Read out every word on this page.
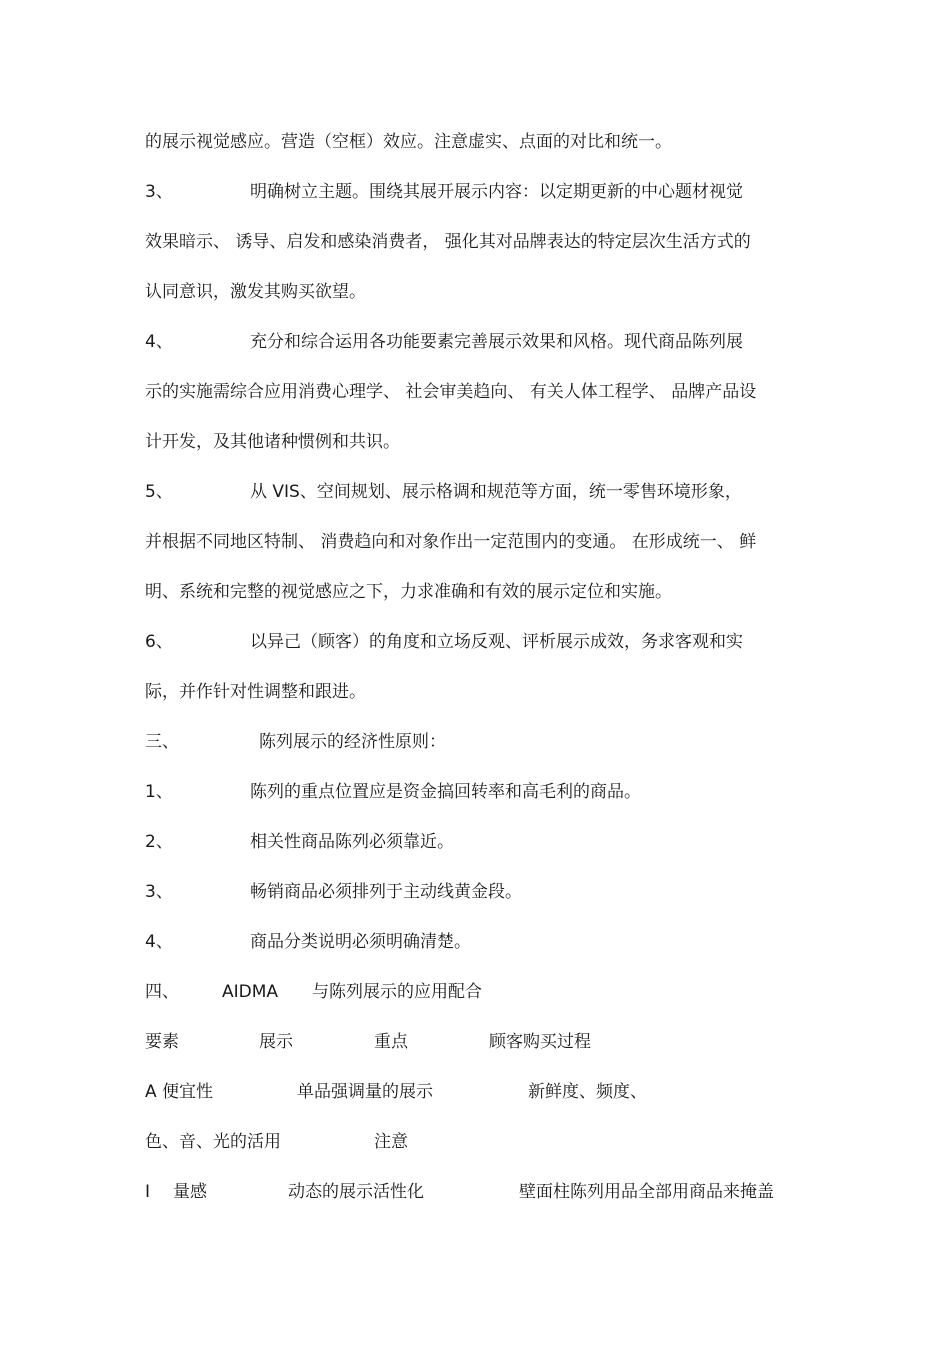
的展示视觉感应。营造（空框）效应。注意虚实、点面的对比和统一。
3、	明确树立主题。围绕其展开展示内容：以定期更新的中心题材视觉
效果暗示、 诱导、启发和感染消费者， 强化其对品牌表达的特定层次生活方式的
认同意识，激发其购买欲望。
4、	充分和综合运用各功能要素完善展示效果和风格。现代商品陈列展
示的实施需综合应用消费心理学、 社会审美趋向、 有关人体工程学、 品牌产品设
计开发，及其他诸种惯例和共识。
5、	从 VIS、空间规划、展示格调和规范等方面，统一零售环境形象，
并根据不同地区特制、 消费趋向和对象作出一定范围内的变通。 在形成统一、 鲜
明、系统和完整的视觉感应之下，力求准确和有效的展示定位和实施。
6、	以异己（顾客）的角度和立场反观、评析展示成效，务求客观和实
际，并作针对性调整和跟进。
三、	陈列展示的经济性原则：
1、	陈列的重点位置应是资金搞回转率和高毛利的商品。
2、	相关性商品陈列必须靠近。
3、	畅销商品必须排列于主动线黄金段。
4、	商品分类说明必须明确清楚。
四、	AIDMA 与陈列展示的应用配合
要素	展示	重点	顾客购买过程
A 便宜性	单品强调量的展示	新鲜度、频度、
色、音、光的活用	注意
I 量感	动态的展示活性化	壁面柱陈列用品全部用商品来掩盖
